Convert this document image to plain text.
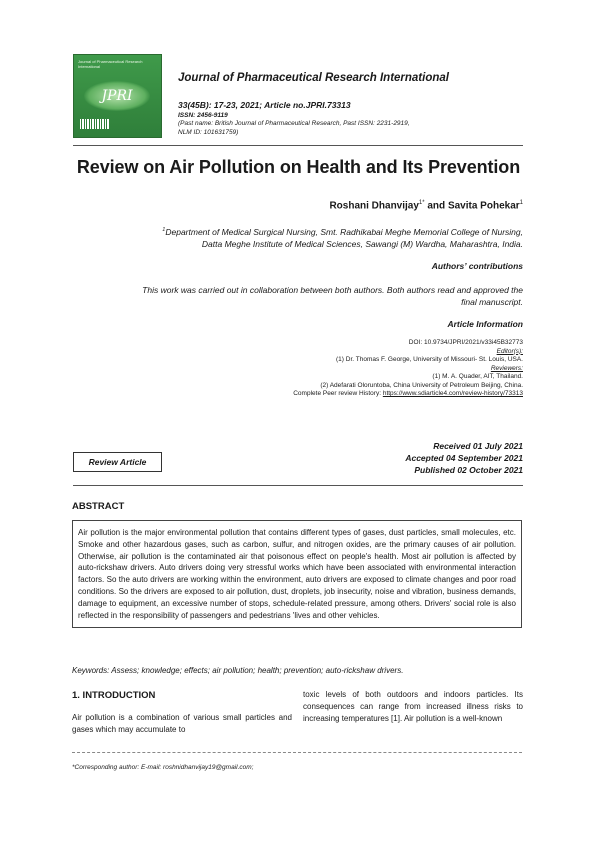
Journal of Pharmaceutical Research International
JPRI
Journal of Pharmaceutical Research International
33(45B): 17-23, 2021; Article no.JPRI.73313
ISSN: 2456-9119
(Past name: British Journal of Pharmaceutical Research, Past ISSN: 2231-2919,
NLM ID: 101631759)
Review on Air Pollution on Health and Its Prevention
Roshani Dhanvijay$^{1*}$ and Savita Pohekar$^1$
$^1$Department of Medical Surgical Nursing, Smt. Radhikabai Meghe Memorial College of Nursing,
Datta Meghe Institute of Medical Sciences, Sawangi (M) Wardha, Maharashtra, India.
Authors’ contributions
This work was carried out in collaboration between both authors. Both authors read and approved the
final manuscript.
Article Information
DOI: 10.9734/JPRI/2021/v33i45B32773
Editor(s):
(1) Dr. Thomas F. George, University of Missouri- St. Louis, USA.
Reviewers:
(1) M. A. Quader, AIT, Thailand.
(2) Adefarati Oloruntoba, China University of Petroleum Beijing, China.
Complete Peer review History: https://www.sdiarticle4.com/review-history/73313
Review Article
Received 01 July 2021
Accepted 04 September 2021
Published 02 October 2021
ABSTRACT
Air pollution is the major environmental pollution that contains different types of gases, dust particles, small molecules, etc. Smoke and other hazardous gases, such as carbon, sulfur, and nitrogen oxides, are the primary causes of air pollution. Otherwise, air pollution is the contaminated air that poisonous effect on people's health. Most air pollution is affected by auto-rickshaw drivers. Auto drivers doing very stressful works which have been associated with environmental interaction factors. So the auto drivers are working within the environment, auto drivers are exposed to climate changes and poor road conditions. So the drivers are exposed to air pollution, dust, droplets, job insecurity, noise and vibration, business demands, damage to equipment, an excessive number of stops, schedule-related pressure, among others. Drivers' social role is also reflected in the responsibility of passengers and pedestrians 'lives and other vehicles.
Keywords: Assess; knowledge; effects; air pollution; health; prevention; auto-rickshaw drivers.
1. INTRODUCTION
Air pollution is a combination of various small particles and gases which may accumulate to
toxic levels of both outdoors and indoors particles. Its consequences can range from increased illness risks to increasing temperatures [1]. Air pollution is a well-known
*Corresponding author: E-mail: roshnidhanvijay19@gmail.com;
